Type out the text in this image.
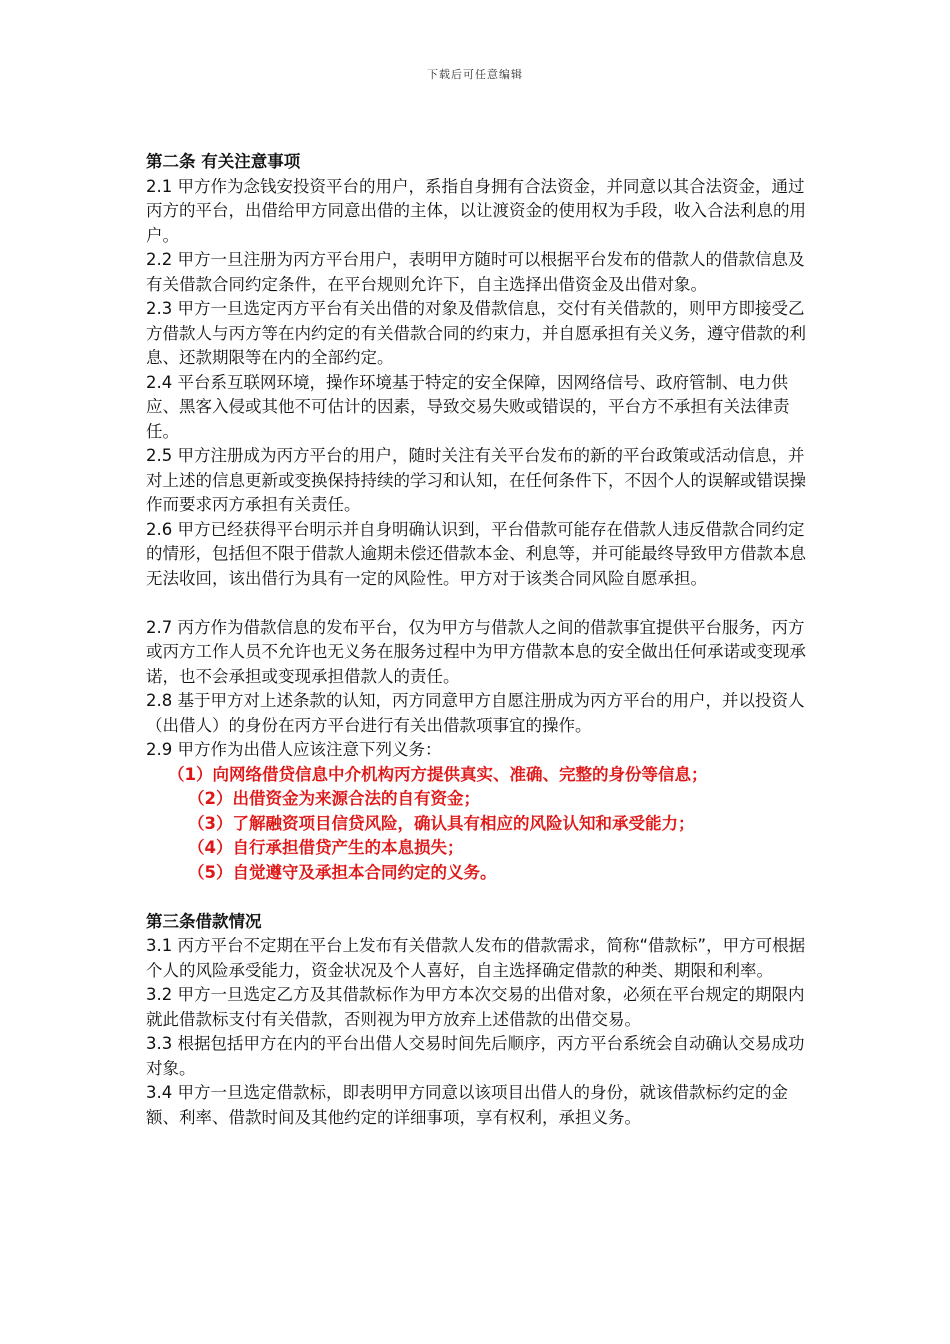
下载后可任意编辑
第二条 有关注意事项
2.1 甲方作为念钱安投资平台的用户，系指自身拥有合法资金，并同意以其合法资金，通过丙方的平台，出借给甲方同意出借的主体，以让渡资金的使用权为手段，收入合法利息的用户。
2.2 甲方一旦注册为丙方平台用户，表明甲方随时可以根据平台发布的借款人的借款信息及有关借款合同约定条件，在平台规则允许下，自主选择出借资金及出借对象。
2.3 甲方一旦选定丙方平台有关出借的对象及借款信息，交付有关借款的，则甲方即接受乙方借款人与丙方等在内约定的有关借款合同的约束力，并自愿承担有关义务，遵守借款的利息、还款期限等在内的全部约定。
2.4 平台系互联网环境，操作环境基于特定的安全保障，因网络信号、政府管制、电力供应、黑客入侵或其他不可估计的因素，导致交易失败或错误的，平台方不承担有关法律责任。
2.5 甲方注册成为丙方平台的用户，随时关注有关平台发布的新的平台政策或活动信息，并对上述的信息更新或变换保持持续的学习和认知，在任何条件下，不因个人的误解或错误操作而要求丙方承担有关责任。
2.6 甲方已经获得平台明示并自身明确认识到，平台借款可能存在借款人违反借款合同约定的情形，包括但不限于借款人逾期未偿还借款本金、利息等，并可能最终导致甲方借款本息无法收回，该出借行为具有一定的风险性。甲方对于该类合同风险自愿承担。
2.7 丙方作为借款信息的发布平台，仅为甲方与借款人之间的借款事宜提供平台服务，丙方或丙方工作人员不允许也无义务在服务过程中为甲方借款本息的安全做出任何承诺或变现承诺，也不会承担或变现承担借款人的责任。
2.8 基于甲方对上述条款的认知，丙方同意甲方自愿注册成为丙方平台的用户，并以投资人（出借人）的身份在丙方平台进行有关出借款项事宜的操作。
2.9 甲方作为出借人应该注意下列义务：
（1）向网络借贷信息中介机构丙方提供真实、准确、完整的身份等信息；
（2）出借资金为来源合法的自有资金；
（3）了解融资项目信贷风险，确认具有相应的风险认知和承受能力；
（4）自行承担借贷产生的本息损失；
（5）自觉遵守及承担本合同约定的义务。
第三条借款情况
3.1 丙方平台不定期在平台上发布有关借款人发布的借款需求，简称“借款标”，甲方可根据个人的风险承受能力，资金状况及个人喜好，自主选择确定借款的种类、期限和利率。
3.2 甲方一旦选定乙方及其借款标作为甲方本次交易的出借对象，必须在平台规定的期限内就此借款标支付有关借款，否则视为甲方放弃上述借款的出借交易。
3.3 根据包括甲方在内的平台出借人交易时间先后顺序，丙方平台系统会自动确认交易成功对象。
3.4 甲方一旦选定借款标，即表明甲方同意以该项目出借人的身份，就该借款标约定的金额、利率、借款时间及其他约定的详细事项，享有权利，承担义务。
